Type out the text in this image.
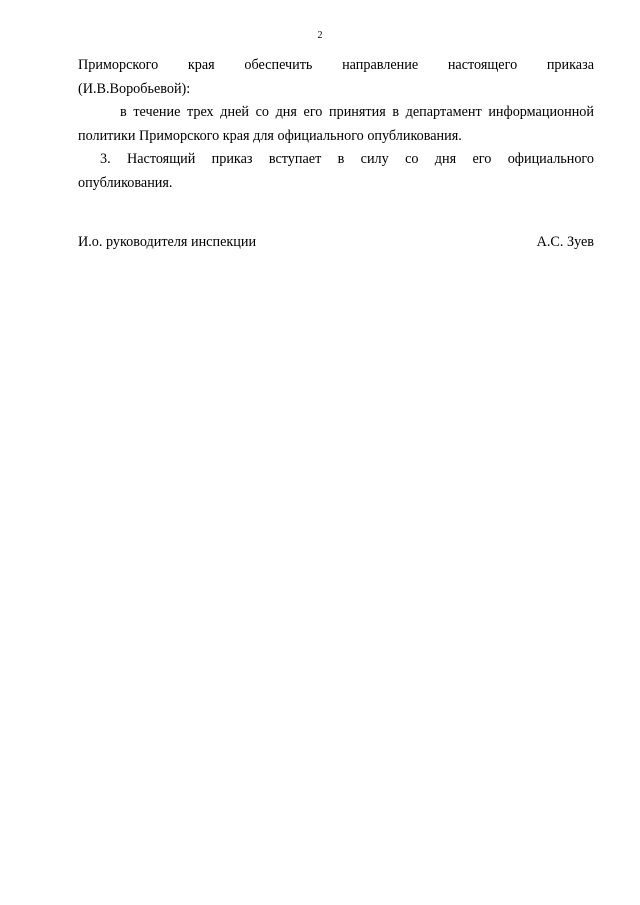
2

Приморского края обеспечить направление настоящего приказа
(И.В.Воробьевой):

в течение трех дней со дня его принятия в департамент информационной
политики Приморского края для официального опубликования.

3. Настоящий приказ вступает в силу со дня его официального
опубликования.

И.о. руководителя инспекции	А.С. Зуев
